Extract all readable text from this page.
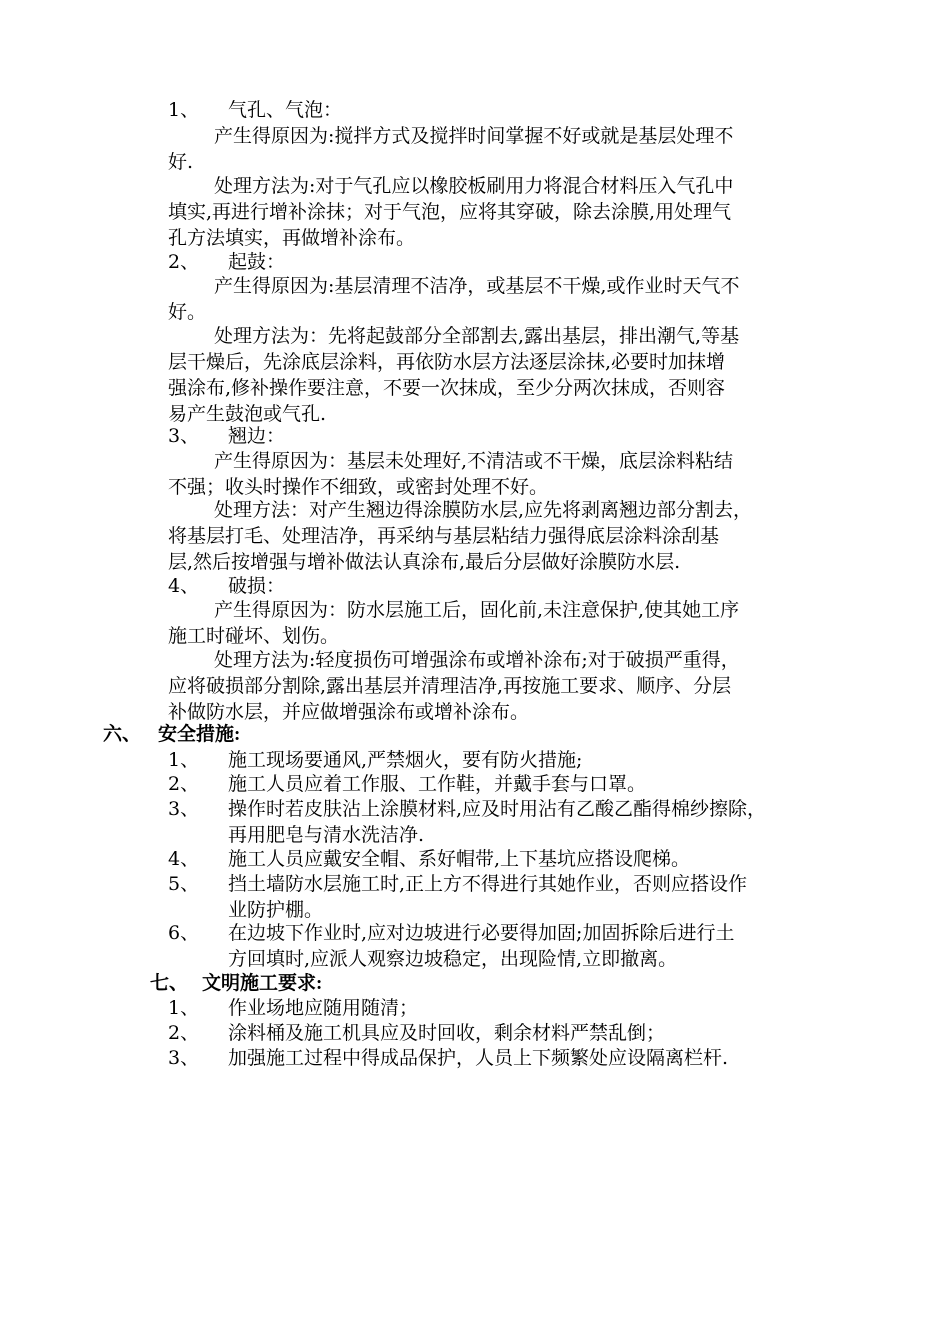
1、 气孔、气泡：
产生得原因为:搅拌方式及搅拌时间掌握不好或就是基层处理不
好.
处理方法为:对于气孔应以橡胶板刷用力将混合材料压入气孔中
填实,再进行增补涂抹；对于气泡，应将其穿破，除去涂膜,用处理气
孔方法填实，再做增补涂布。
2、 起鼓：
产生得原因为:基层清理不洁净，或基层不干燥,或作业时天气不
好。
处理方法为：先将起鼓部分全部割去,露出基层，排出潮气,等基
层干燥后，先涂底层涂料，再依防水层方法逐层涂抹,必要时加抹增
强涂布,修补操作要注意，不要一次抹成，至少分两次抹成，否则容
易产生鼓泡或气孔.
3、 翘边：
产生得原因为：基层未处理好,不清洁或不干燥，底层涂料粘结
不强；收头时操作不细致，或密封处理不好。
处理方法：对产生翘边得涂膜防水层,应先将剥离翘边部分割去，
将基层打毛、处理洁净，再采纳与基层粘结力强得底层涂料涂刮基
层,然后按增强与增补做法认真涂布,最后分层做好涂膜防水层.
4、 破损：
产生得原因为：防水层施工后，固化前,未注意保护,使其她工序
施工时碰坏、划伤。
处理方法为:轻度损伤可增强涂布或增补涂布;对于破损严重得，
应将破损部分割除,露出基层并清理洁净,再按施工要求、顺序、分层
补做防水层，并应做增强涂布或增补涂布。
六、 安全措施:
1、 施工现场要通风,严禁烟火，要有防火措施;
2、 施工人员应着工作服、工作鞋，并戴手套与口罩。
3、 操作时若皮肤沾上涂膜材料,应及时用沾有乙酸乙酯得棉纱擦除，
再用肥皂与清水洗洁净.
4、 施工人员应戴安全帽、系好帽带,上下基坑应搭设爬梯。
5、 挡土墙防水层施工时,正上方不得进行其她作业，否则应搭设作
业防护棚。
6、 在边坡下作业时,应对边坡进行必要得加固;加固拆除后进行土
方回填时,应派人观察边坡稳定，出现险情,立即撤离。
七、 文明施工要求:
1、 作业场地应随用随清；
2、 涂料桶及施工机具应及时回收，剩余材料严禁乱倒；
3、 加强施工过程中得成品保护，人员上下频繁处应设隔离栏杆.
